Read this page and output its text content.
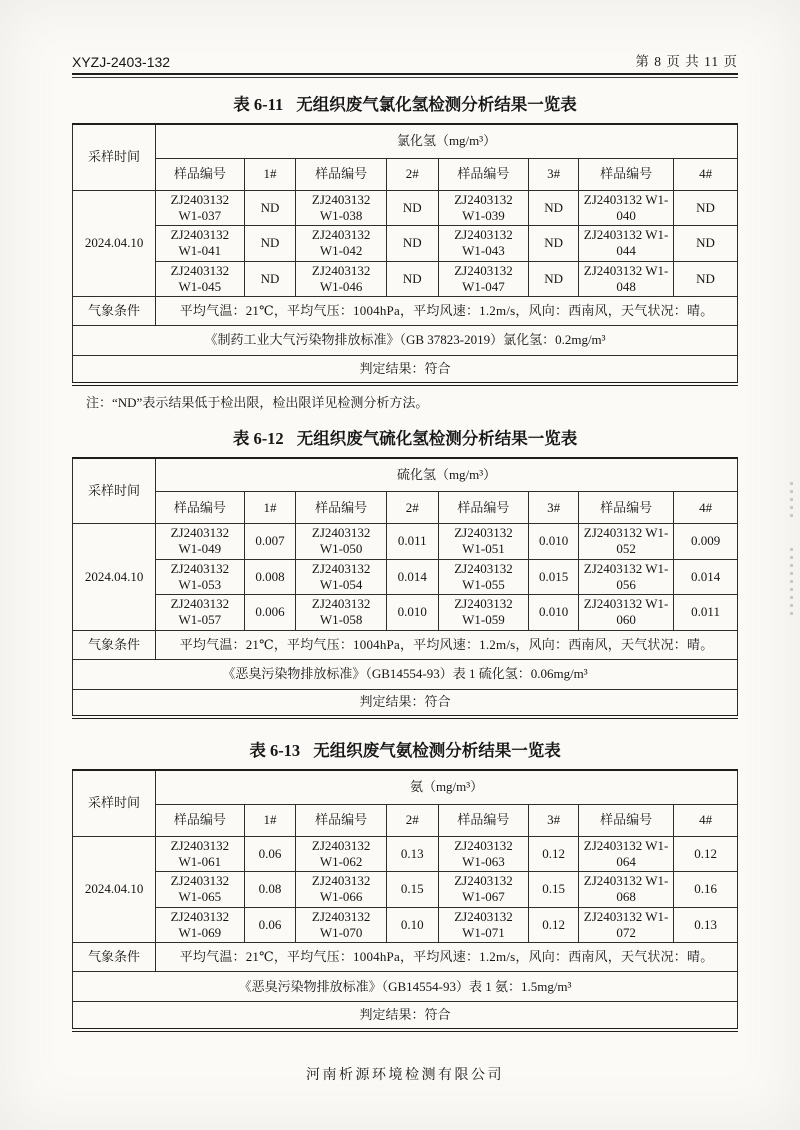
XYZJ-2403-132	第 8 页 共 11 页
表 6-11 无组织废气氯化氢检测分析结果一览表
采样时间	氯化氢（mg/m³）							
	样品编号	1#	样品编号	2#	样品编号	3#	样品编号	4#
2024.04.10	ZJ2403132 W1-037	ND	ZJ2403132 W1-038	ND	ZJ2403132 W1-039	ND	ZJ2403132 W1-040	ND
	ZJ2403132 W1-041	ND	ZJ2403132 W1-042	ND	ZJ2403132 W1-043	ND	ZJ2403132 W1-044	ND
	ZJ2403132 W1-045	ND	ZJ2403132 W1-046	ND	ZJ2403132 W1-047	ND	ZJ2403132 W1-048	ND
气象条件	平均气温：21℃，平均气压：1004hPa，平均风速：1.2m/s，风向：西南风，天气状况：晴。							
《制药工业大气污染物排放标准》（GB 37823-2019）氯化氢：0.2mg/m³								
判定结果：符合								

注：“ND”表示结果低于检出限，检出限详见检测分析方法。

表 6-12 无组织废气硫化氢检测分析结果一览表
采样时间	硫化氢（mg/m³）							
	样品编号	1#	样品编号	2#	样品编号	3#	样品编号	4#
2024.04.10	ZJ2403132 W1-049	0.007	ZJ2403132 W1-050	0.011	ZJ2403132 W1-051	0.010	ZJ2403132 W1-052	0.009
	ZJ2403132 W1-053	0.008	ZJ2403132 W1-054	0.014	ZJ2403132 W1-055	0.015	ZJ2403132 W1-056	0.014
	ZJ2403132 W1-057	0.006	ZJ2403132 W1-058	0.010	ZJ2403132 W1-059	0.010	ZJ2403132 W1-060	0.011
气象条件	平均气温：21℃，平均气压：1004hPa，平均风速：1.2m/s，风向：西南风，天气状况：晴。							
《恶臭污染物排放标准》（GB14554-93）表 1 硫化氢：0.06mg/m³								
判定结果：符合								
表 6-13 无组织废气氨检测分析结果一览表
采样时间	氨（mg/m³）							
	样品编号	1#	样品编号	2#	样品编号	3#	样品编号	4#
2024.04.10	ZJ2403132 W1-061	0.06	ZJ2403132 W1-062	0.13	ZJ2403132 W1-063	0.12	ZJ2403132 W1-064	0.12
	ZJ2403132 W1-065	0.08	ZJ2403132 W1-066	0.15	ZJ2403132 W1-067	0.15	ZJ2403132 W1-068	0.16
	ZJ2403132 W1-069	0.06	ZJ2403132 W1-070	0.10	ZJ2403132 W1-071	0.12	ZJ2403132 W1-072	0.13
气象条件	平均气温：21℃，平均气压：1004hPa，平均风速：1.2m/s，风向：西南风，天气状况：晴。							
《恶臭污染物排放标准》（GB14554-93）表 1 氨：1.5mg/m³								
判定结果：符合								
河南析源环境检测有限公司
